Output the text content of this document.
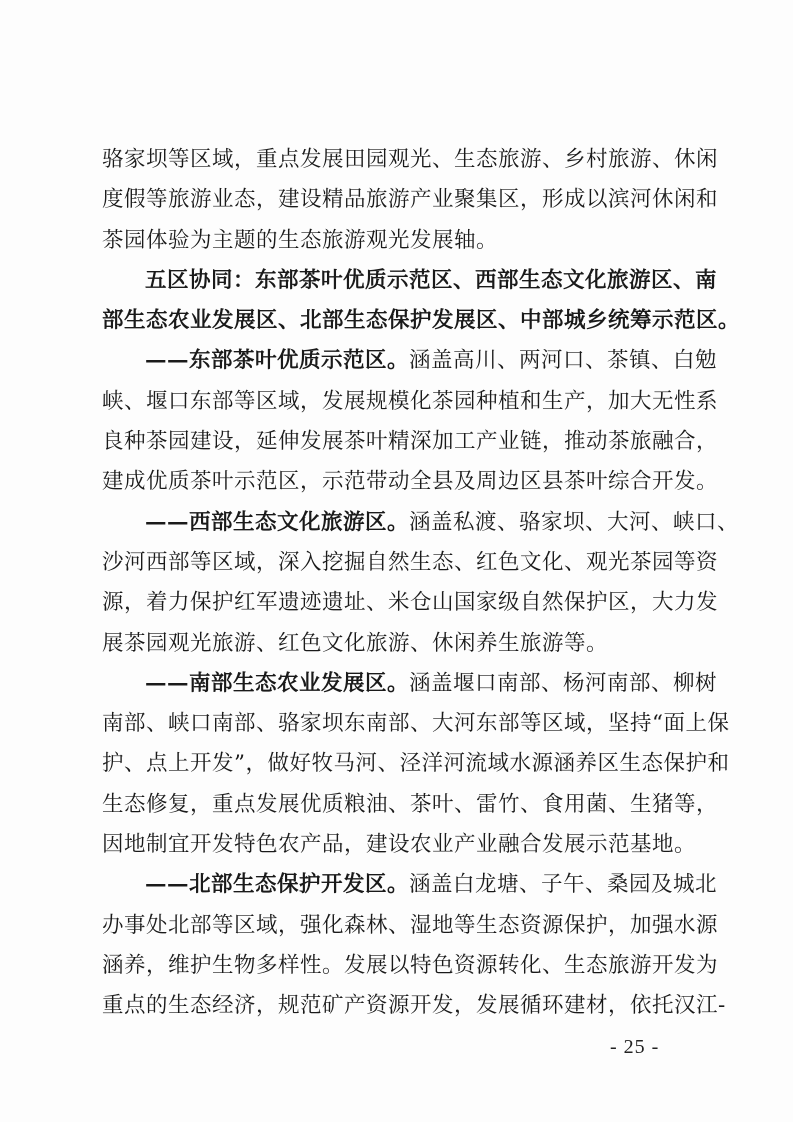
骆家坝等区域，重点发展田园观光、生态旅游、乡村旅游、休闲
度假等旅游业态，建设精品旅游产业聚集区，形成以滨河休闲和
茶园体验为主题的生态旅游观光发展轴。
五区协同：东部茶叶优质示范区、西部生态文化旅游区、南
部生态农业发展区、北部生态保护发展区、中部城乡统筹示范区。
——东部茶叶优质示范区。涵盖高川、两河口、茶镇、白勉
峡、堰口东部等区域，发展规模化茶园种植和生产，加大无性系
良种茶园建设，延伸发展茶叶精深加工产业链，推动茶旅融合，
建成优质茶叶示范区，示范带动全县及周边区县茶叶综合开发。
——西部生态文化旅游区。涵盖私渡、骆家坝、大河、峡口、
沙河西部等区域，深入挖掘自然生态、红色文化、观光茶园等资
源，着力保护红军遗迹遗址、米仓山国家级自然保护区，大力发
展茶园观光旅游、红色文化旅游、休闲养生旅游等。
——南部生态农业发展区。涵盖堰口南部、杨河南部、柳树
南部、峡口南部、骆家坝东南部、大河东部等区域，坚持“面上保
护、点上开发”，做好牧马河、泾洋河流域水源涵养区生态保护和
生态修复，重点发展优质粮油、茶叶、雷竹、食用菌、生猪等，
因地制宜开发特色农产品，建设农业产业融合发展示范基地。
——北部生态保护开发区。涵盖白龙塘、子午、桑园及城北
办事处北部等区域，强化森林、湿地等生态资源保护，加强水源
涵养，维护生物多样性。发展以特色资源转化、生态旅游开发为
重点的生态经济，规范矿产资源开发，发展循环建材，依托汉江-
- 25 -
